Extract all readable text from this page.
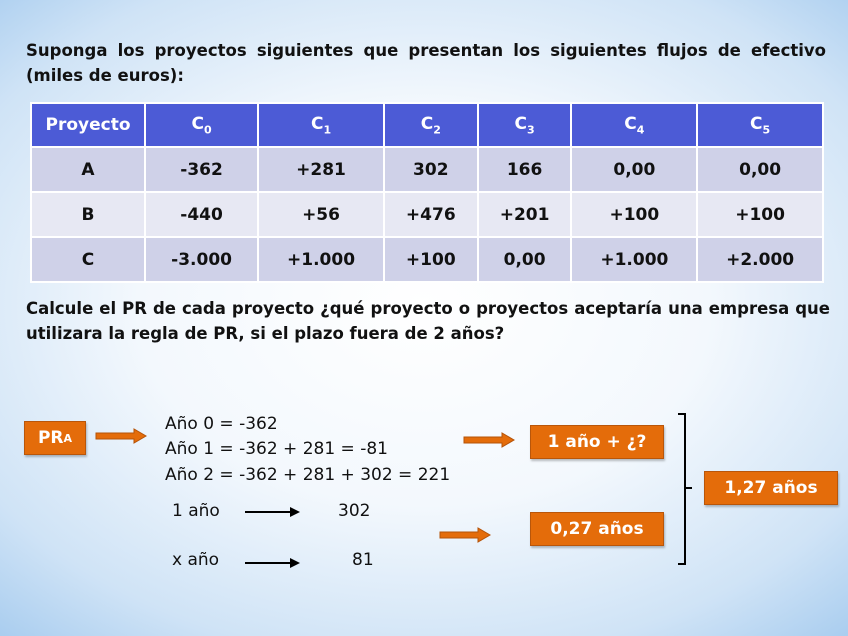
Suponga los proyectos siguientes que presentan los siguientes flujos de efectivo (miles de euros):
Proyecto	$C_0$	$C_1$	$C_2$	$C_3$	$C_4$	$C_5$
A	-362	+281	302	166	0,00	0,00
B	-440	+56	+476	+201	+100	+100
C	-3.000	+1.000	+100	0,00	+1.000	+2.000
Calcule el PR de cada proyecto ¿qué proyecto o proyectos aceptaría una empresa que utilizara la regla de PR, si el plazo fuera de 2 años?
PR A
Año 0 = -362
Año 1 = -362 + 281 = -81
Año 2 = -362 + 281 + 302 = 221
1 año	302
x año	81
1 año + ¿?
0,27 años
1,27 años
